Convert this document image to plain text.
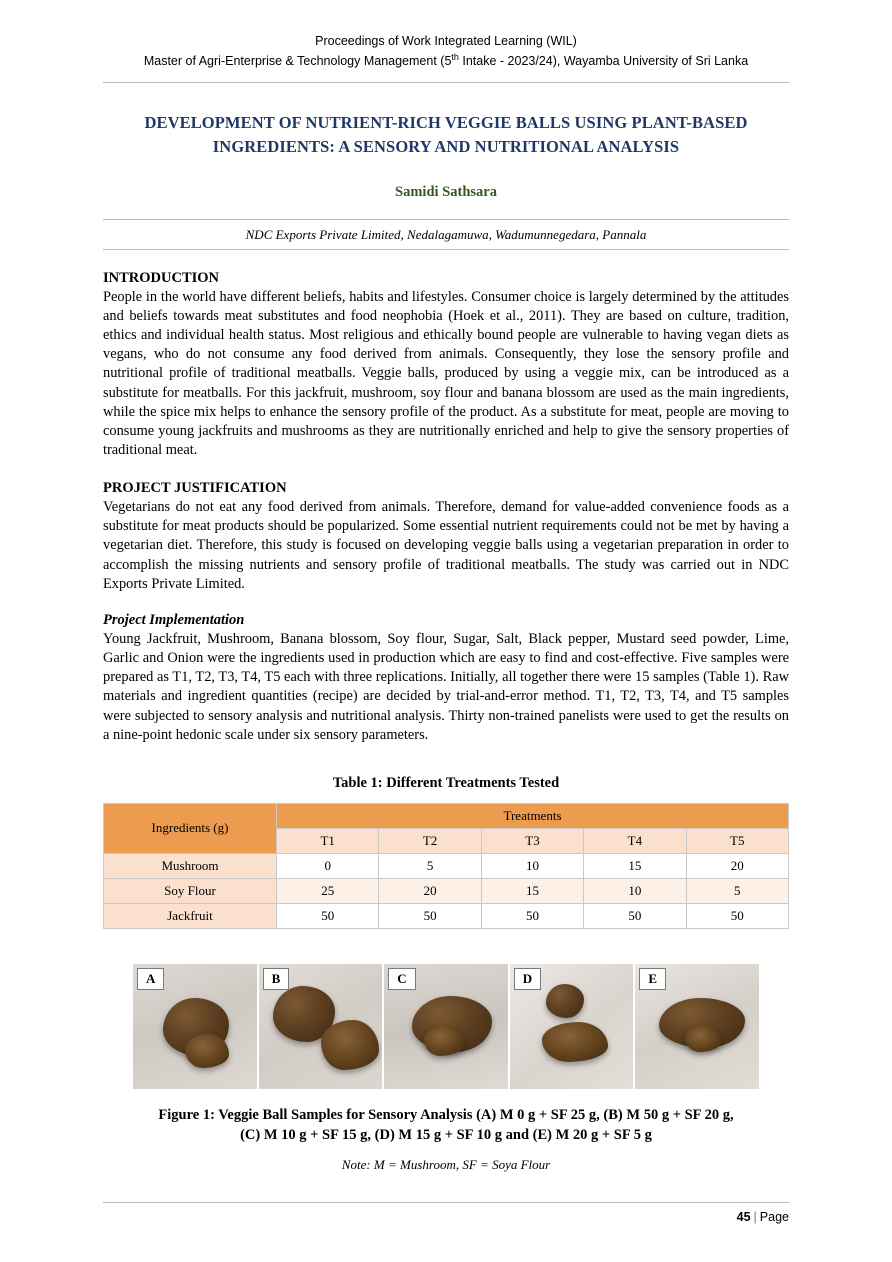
Proceedings of Work Integrated Learning (WIL)
Master of Agri-Enterprise & Technology Management (5th Intake - 2023/24), Wayamba University of Sri Lanka
DEVELOPMENT OF NUTRIENT-RICH VEGGIE BALLS USING PLANT-BASED INGREDIENTS: A SENSORY AND NUTRITIONAL ANALYSIS
Samidi Sathsara
NDC Exports Private Limited, Nedalagamuwa, Wadumunnegedara, Pannala
INTRODUCTION

People in the world have different beliefs, habits and lifestyles. Consumer choice is largely determined by the attitudes and beliefs towards meat substitutes and food neophobia (Hoek et al., 2011). They are based on culture, tradition, ethics and individual health status. Most religious and ethically bound people are vulnerable to having vegan diets as vegans, who do not consume any food derived from animals. Consequently, they lose the sensory profile and nutritional profile of traditional meatballs. Veggie balls, produced by using a veggie mix, can be introduced as a substitute for meatballs. For this jackfruit, mushroom, soy flour and banana blossom are used as the main ingredients, while the spice mix helps to enhance the sensory profile of the product. As a substitute for meat, people are moving to consume young jackfruits and mushrooms as they are nutritionally enriched and help to give the sensory properties of traditional meat.

PROJECT JUSTIFICATION

Vegetarians do not eat any food derived from animals. Therefore, demand for value-added convenience foods as a substitute for meat products should be popularized. Some essential nutrient requirements could not be met by having a vegetarian diet. Therefore, this study is focused on developing veggie balls using a vegetarian preparation in order to accomplish the missing nutrients and sensory profile of traditional meatballs. The study was carried out in NDC Exports Private Limited.

Project Implementation

Young Jackfruit, Mushroom, Banana blossom, Soy flour, Sugar, Salt, Black pepper, Mustard seed powder, Lime, Garlic and Onion were the ingredients used in production which are easy to find and cost-effective. Five samples were prepared as T1, T2, T3, T4, T5 each with three replications. Initially, all together there were 15 samples (Table 1). Raw materials and ingredient quantities (recipe) are decided by trial-and-error method. T1, T2, T3, T4, and T5 samples were subjected to sensory analysis and nutritional analysis. Thirty non-trained panelists were used to get the results on a nine-point hedonic scale under six sensory parameters.

Table 1: Different Treatments Tested
Ingredients (g)	Treatments				
	T1	T2	T3	T4	T5
Mushroom	0	5	10	15	20
Soy Flour	25	20	15	10	5
Jackfruit	50	50	50	50	50
A	B	C	D	E
Figure 1: Veggie Ball Samples for Sensory Analysis (A) M 0 g + SF 25 g, (B) M 50 g + SF 20 g,
(C) M 10 g + SF 15 g, (D) M 15 g + SF 10 g and (E) M 20 g + SF 5 g
Note: M = Mushroom, SF = Soya Flour
45 | Page
